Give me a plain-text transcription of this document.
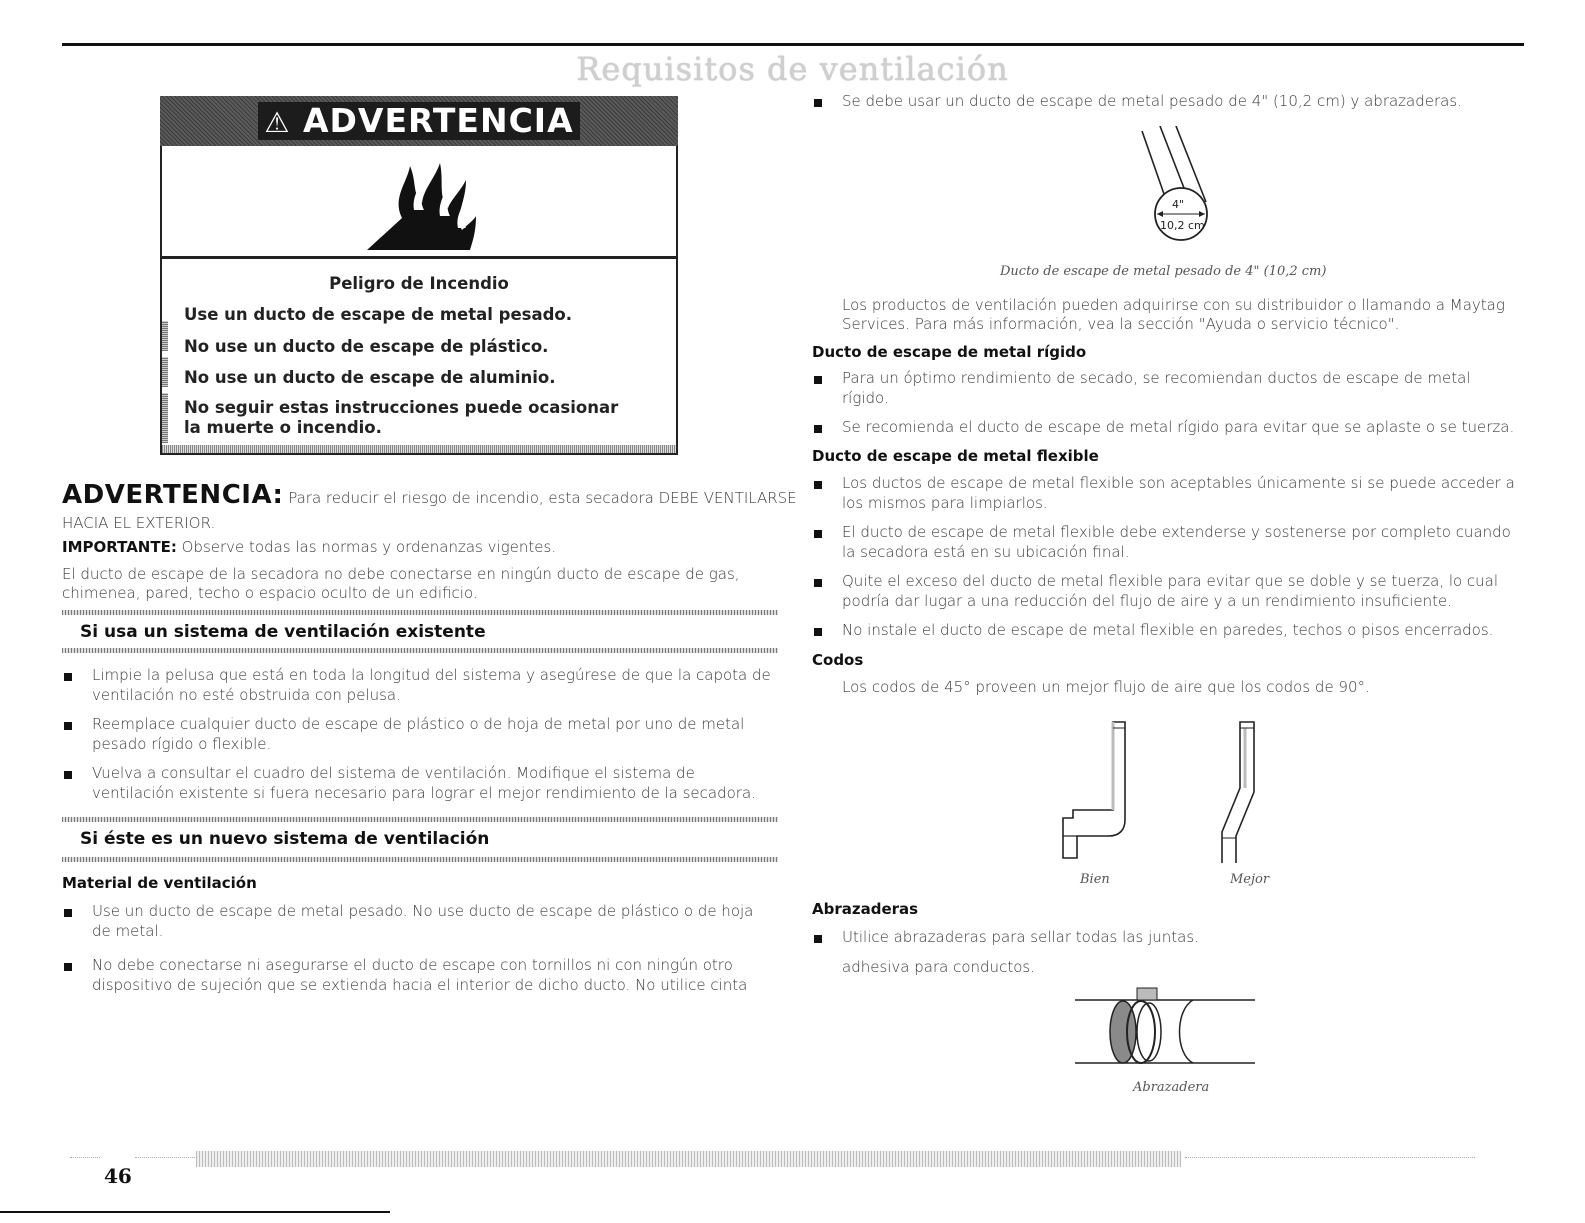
Requisitos de ventilación
⚠ ADVERTENCIA
Peligro de Incendio
Use un ducto de escape de metal pesado.
No use un ducto de escape de plástico.
No use un ducto de escape de aluminio.
No seguir estas instrucciones puede ocasionar
la muerte o incendio.
ADVERTENCIA: Para reducir el riesgo de incendio, esta secadora DEBE VENTILARSE
HACIA EL EXTERIOR.
IMPORTANTE: Observe todas las normas y ordenanzas vigentes.
El ducto de escape de la secadora no debe conectarse en ningún ducto de escape de gas,
chimenea, pared, techo o espacio oculto de un edificio.
Si usa un sistema de ventilación existente
Limpie la pelusa que está en toda la longitud del sistema y asegúrese de que la capota de
ventilación no esté obstruida con pelusa.
Reemplace cualquier ducto de escape de plástico o de hoja de metal por uno de metal
pesado rígido o flexible.
Vuelva a consultar el cuadro del sistema de ventilación. Modifique el sistema de
ventilación existente si fuera necesario para lograr el mejor rendimiento de la secadora.
Si éste es un nuevo sistema de ventilación
Material de ventilación
Use un ducto de escape de metal pesado. No use ducto de escape de plástico o de hoja
de metal.
No debe conectarse ni asegurarse el ducto de escape con tornillos ni con ningún otro
dispositivo de sujeción que se extienda hacia el interior de dicho ducto. No utilice cinta
Se debe usar un ducto de escape de metal pesado de 4" (10,2 cm) y abrazaderas.
4"
10,2 cm
Ducto de escape de metal pesado de 4" (10,2 cm)
Los productos de ventilación pueden adquirirse con su distribuidor o llamando a Maytag
Services. Para más información, vea la sección "Ayuda o servicio técnico".
Ducto de escape de metal rígido
Para un óptimo rendimiento de secado, se recomiendan ductos de escape de metal
rígido.
Se recomienda el ducto de escape de metal rígido para evitar que se aplaste o se tuerza.
Ducto de escape de metal flexible
Los ductos de escape de metal flexible son aceptables únicamente si se puede acceder a
los mismos para limpiarlos.
El ducto de escape de metal flexible debe extenderse y sostenerse por completo cuando
la secadora está en su ubicación final.
Quite el exceso del ducto de metal flexible para evitar que se doble y se tuerza, lo cual
podría dar lugar a una reducción del flujo de aire y a un rendimiento insuficiente.
No instale el ducto de escape de metal flexible en paredes, techos o pisos encerrados.
Codos
Los codos de 45° proveen un mejor flujo de aire que los codos de 90°.
Bien	Mejor
Abrazaderas
Utilice abrazaderas para sellar todas las juntas.
adhesiva para conductos.
Abrazadera
46
